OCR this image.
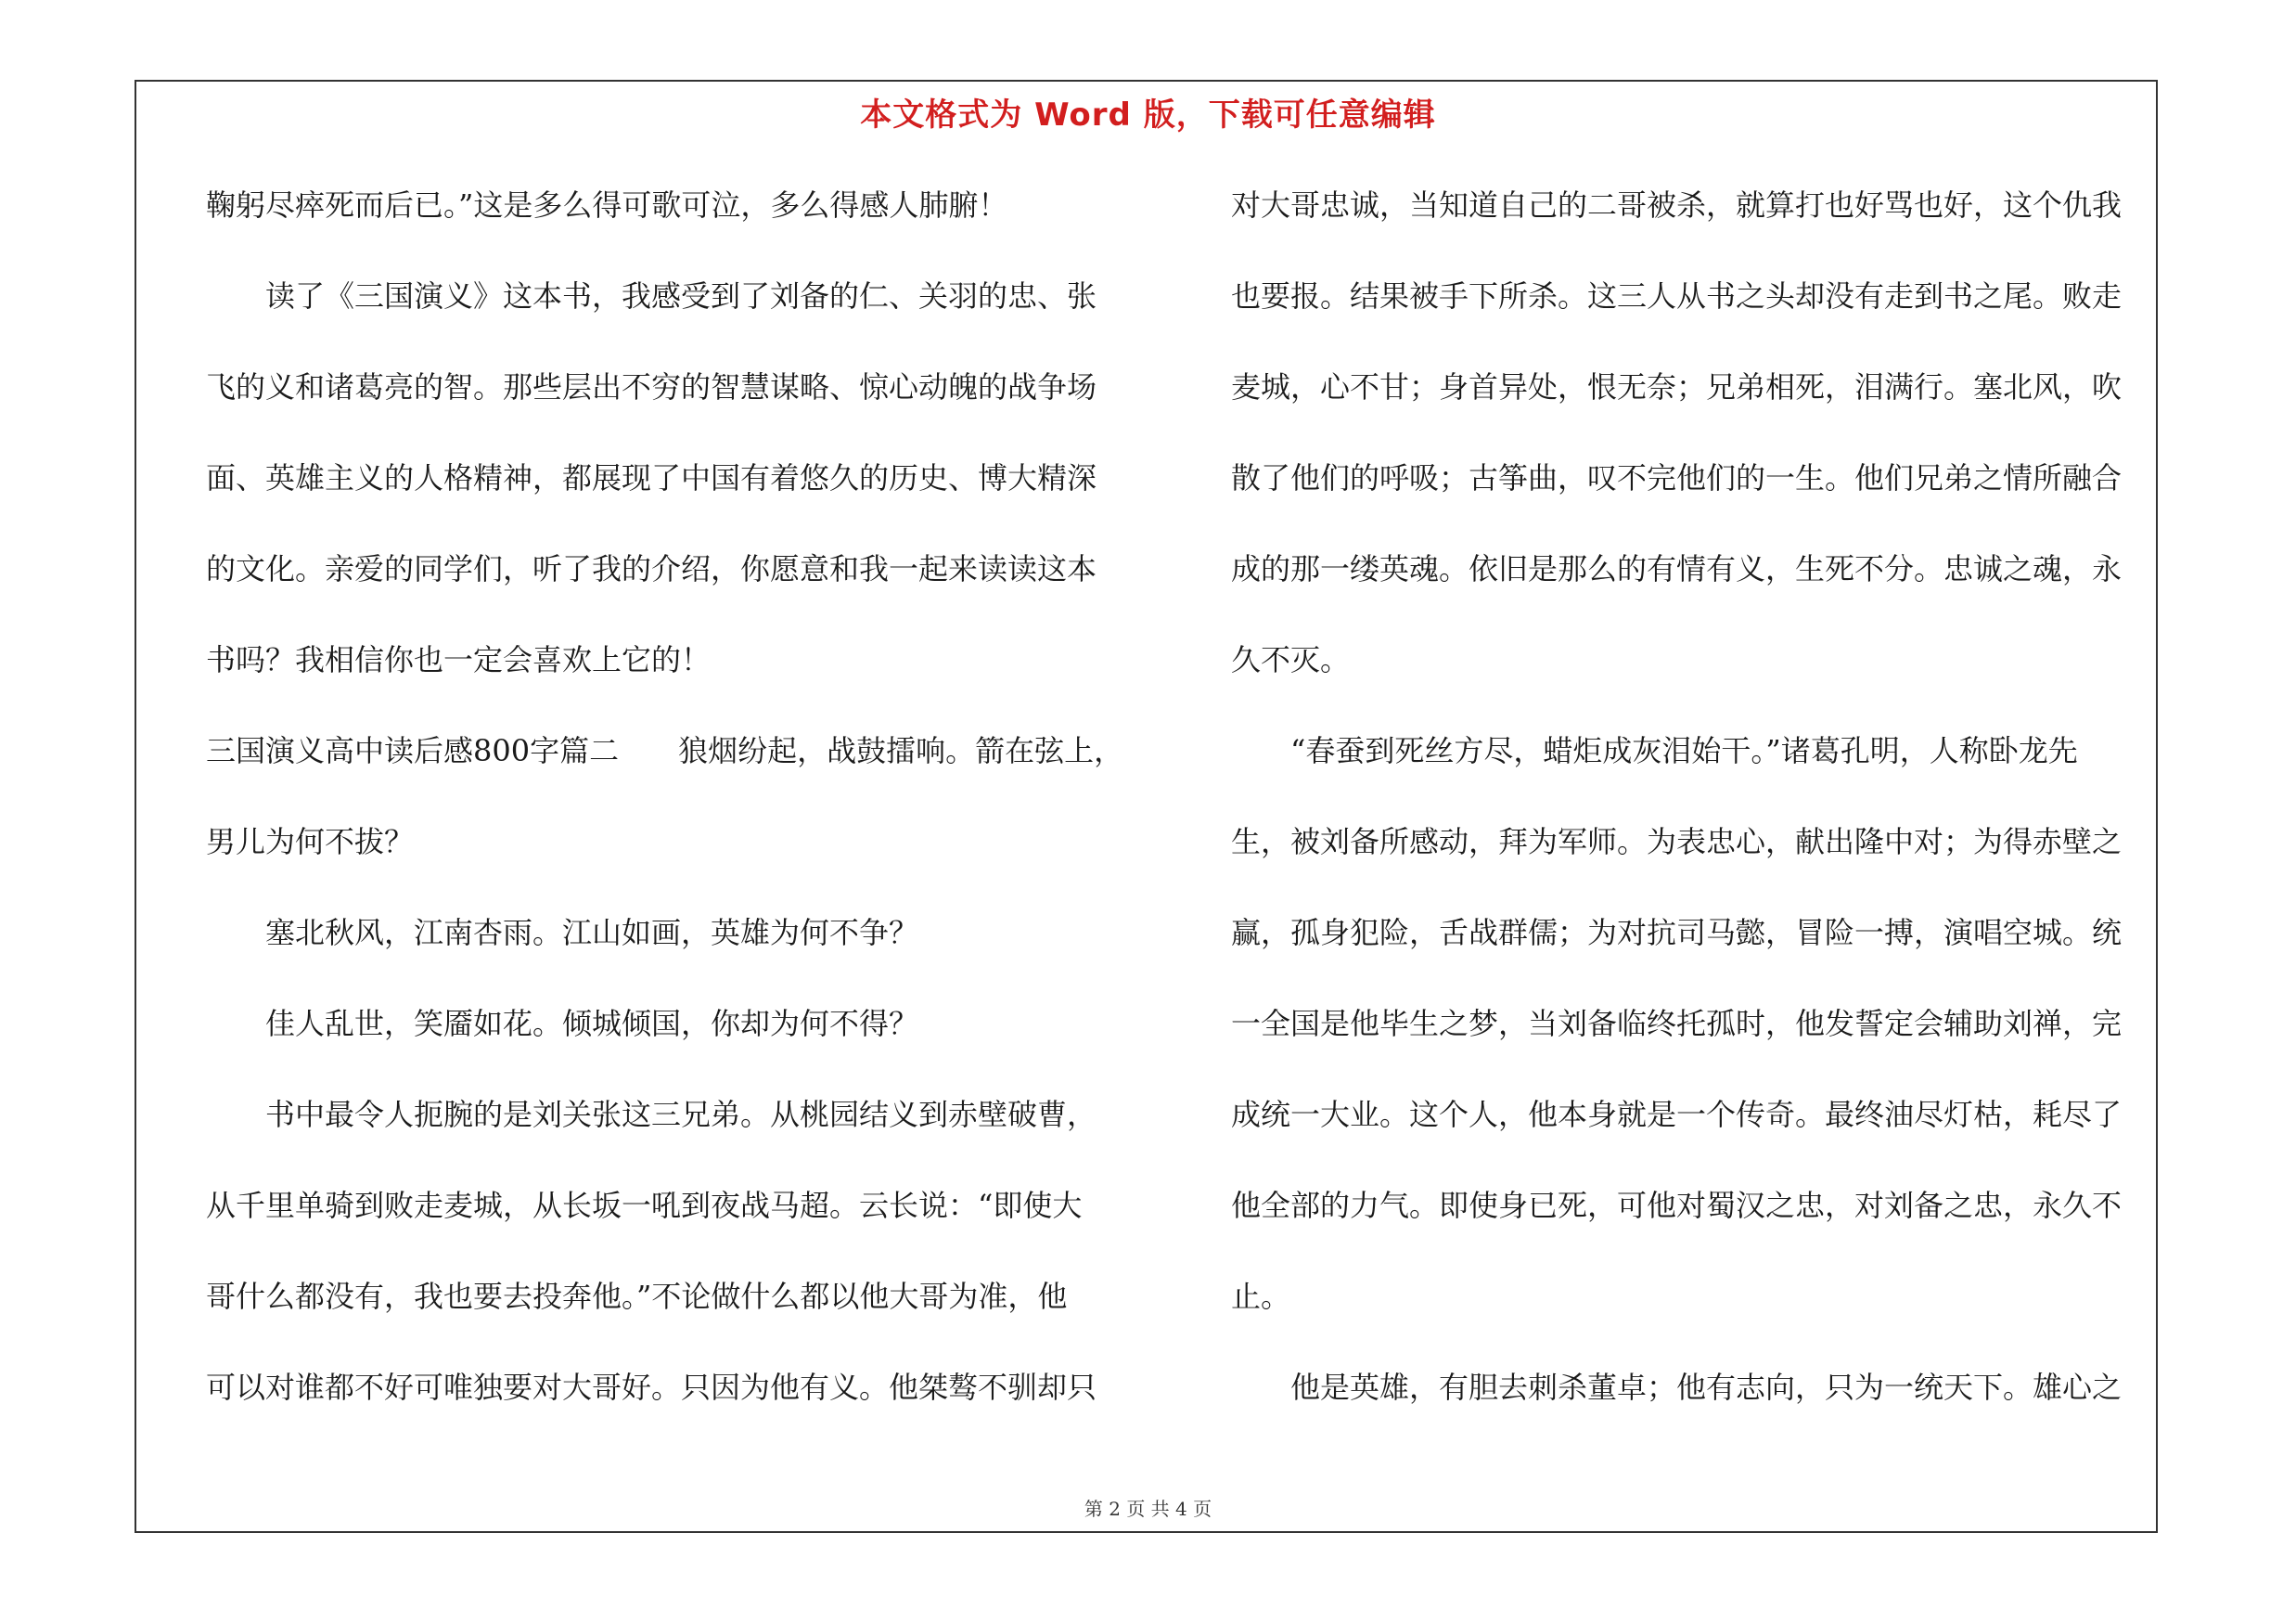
本文格式为 Word 版，下载可任意编辑
鞠躬尽瘁死而后已。”这是多么得可歌可泣，多么得感人肺腑！
　　读了《三国演义》这本书，我感受到了刘备的仁、关羽的忠、张
飞的义和诸葛亮的智。那些层出不穷的智慧谋略、惊心动魄的战争场
面、英雄主义的人格精神，都展现了中国有着悠久的历史、博大精深
的文化。亲爱的同学们，听了我的介绍，你愿意和我一起来读读这本
书吗？我相信你也一定会喜欢上它的！
三国演义高中读后感800字篇二　　狼烟纷起，战鼓擂响。箭在弦上，
男儿为何不拔？
　　塞北秋风，江南杏雨。江山如画，英雄为何不争？
　　佳人乱世，笑靥如花。倾城倾国，你却为何不得？
　　书中最令人扼腕的是刘关张这三兄弟。从桃园结义到赤壁破曹，
从千里单骑到败走麦城，从长坂一吼到夜战马超。云长说：“即使大
哥什么都没有，我也要去投奔他。”不论做什么都以他大哥为准，他
可以对谁都不好可唯独要对大哥好。只因为他有义。他桀骜不驯却只
对大哥忠诚，当知道自己的二哥被杀，就算打也好骂也好，这个仇我
也要报。结果被手下所杀。这三人从书之头却没有走到书之尾。败走
麦城，心不甘；身首异处，恨无奈；兄弟相死，泪满行。塞北风，吹
散了他们的呼吸；古筝曲，叹不完他们的一生。他们兄弟之情所融合
成的那一缕英魂。依旧是那么的有情有义，生死不分。忠诚之魂，永
久不灭。
　　“春蚕到死丝方尽，蜡炬成灰泪始干。”诸葛孔明，人称卧龙先
生，被刘备所感动，拜为军师。为表忠心，献出隆中对；为得赤壁之
赢，孤身犯险，舌战群儒；为对抗司马懿，冒险一搏，演唱空城。统
一全国是他毕生之梦，当刘备临终托孤时，他发誓定会辅助刘禅，完
成统一大业。这个人，他本身就是一个传奇。最终油尽灯枯，耗尽了
他全部的力气。即使身已死，可他对蜀汉之忠，对刘备之忠，永久不
止。
　　他是英雄，有胆去刺杀董卓；他有志向，只为一统天下。雄心之
第 2 页 共 4 页
